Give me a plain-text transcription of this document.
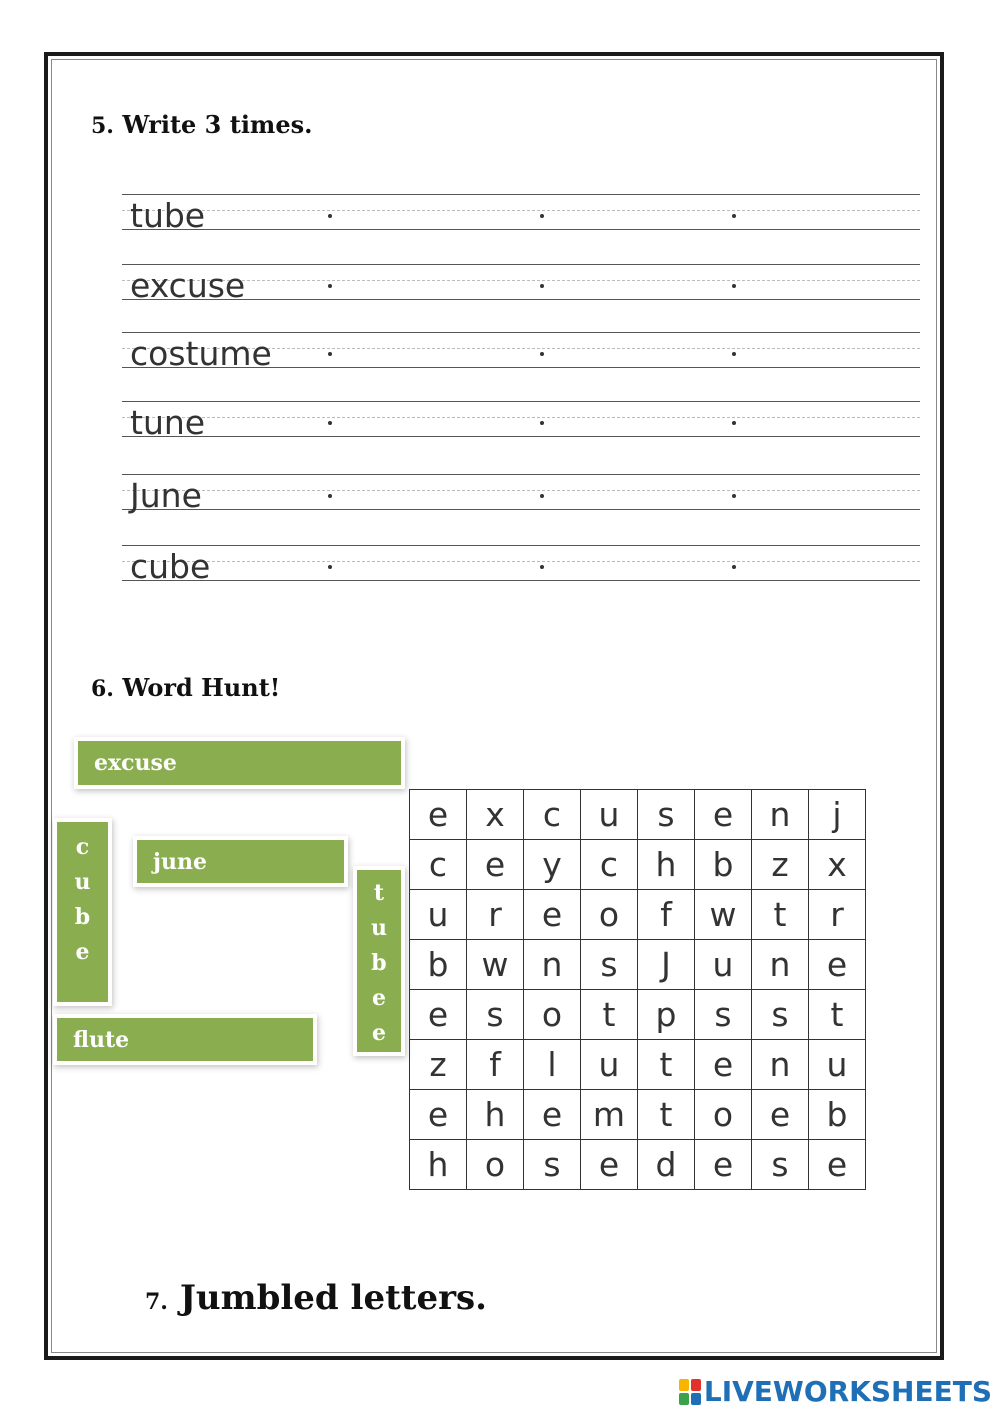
5. Write 3 times.
tube
excuse
costume
tune
June
cube
6. Word Hunt!
excuse
june
flute
c
u
b
e
t
u
b
e
e
e	x	c	u	s	e	n	j
c	e	y	c	h	b	z	x
u	r	e	o	f	w	t	r
b	w	n	s	J	u	n	e
e	s	o	t	p	s	s	t
z	f	l	u	t	e	n	u
e	h	e	m	t	o	e	b
h	o	s	e	d	e	s	e
7. Jumbled letters.
LIVEWORKSHEETS
